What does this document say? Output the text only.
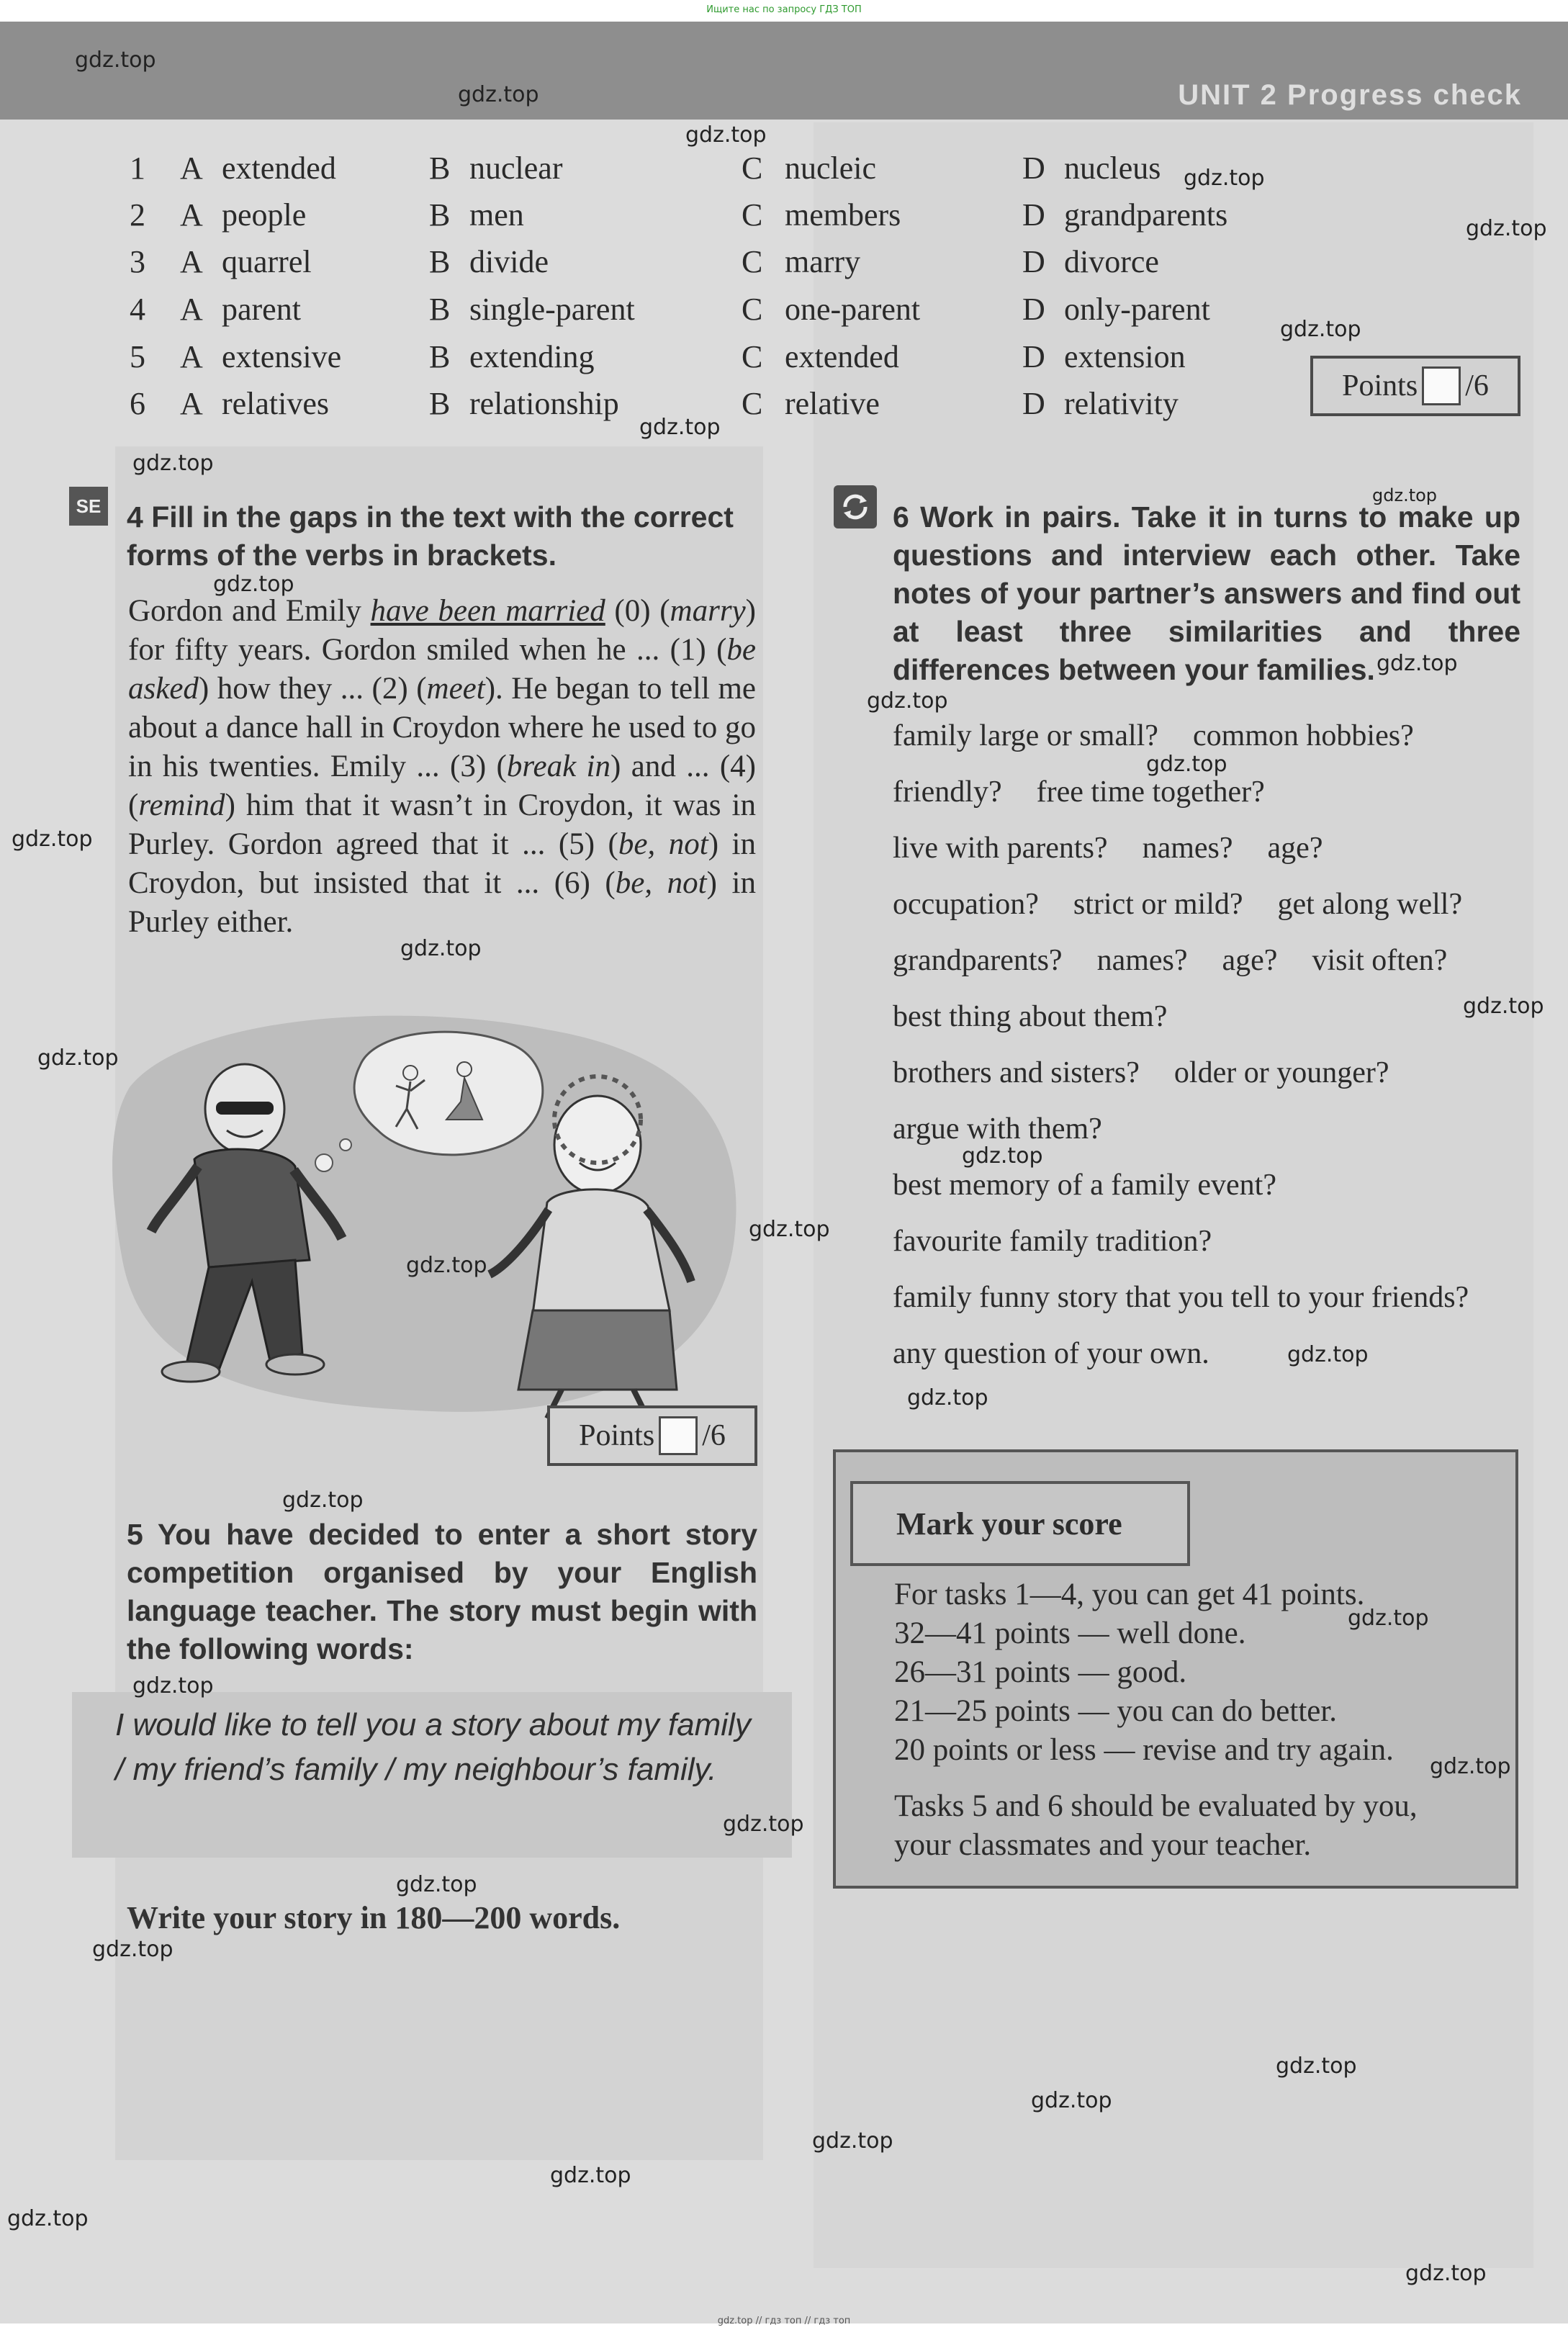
Ищите нас по запросу ГДЗ ТОП
UNIT 2 Progress check
1 A extended	B nuclear	C nucleic	D nucleus
2 A people	B men	C members	D grandparents
3 A quarrel	B divide	C marry	D divorce
4 A parent	B single-parent	C one-parent	D only-parent
5 A extensive	B extending	C extended	D extension
6 A relatives	B relationship	C relative	D relativity	Points /6
SE 4 Fill in the gaps in the text with the correct forms of the verbs in brackets.

Gordon and Emily have been married (0) (marry) for fifty years. Gordon smiled when he ... (1) (be asked) how they ... (2) (meet). He began to tell me about a dance hall in Croydon where he used to go in his twenties. Emily ... (3) (break in) and ... (4) (remind) him that it wasn’t in Croydon, it was in Purley. Gordon agreed that it ... (5) (be, not) in Croydon, but insisted that it ... (6) (be, not) in Purley either.

Points /6

5 You have decided to enter a short story competition organised by your English language teacher. The story must begin with the following words:

I would like to tell you a story about my family / my friend’s family / my neighbour’s family.

Write your story in 180—200 words.

6 Work in pairs. Take it in turns to make up questions and interview each other. Take notes of your partner’s answers and find out at least three similarities and three differences between your families.

family large or small? common hobbies?
friendly? free time together?
live with parents? names? age?
occupation? strict or mild? get along well?
grandparents? names? age? visit often?
best thing about them?
brothers and sisters? older or younger?
argue with them?
best memory of a family event?
favourite family tradition?
family funny story that you tell to your friends?
any question of your own.
Mark your score
For tasks 1—4, you can get 41 points.
32—41 points — well done.
26—31 points — good.
21—25 points — you can do better.
20 points or less — revise and try again.
Tasks 5 and 6 should be evaluated by you,
your classmates and your teacher.
gdz.top
gdz.top
gdz.top
gdz.top
gdz.top
gdz.top
gdz.top
gdz.top
gdz.top
gdz.top
gdz.top
gdz.top
gdz.top
gdz.top
gdz.top
gdz.top
gdz.top
gdz.top
gdz.top
gdz.top
gdz.top
gdz.top
gdz.top
gdz.top
gdz.top
gdz.top
gdz.top
gdz.top
gdz.top
gdz.top
gdz.top
gdz.top
gdz.top
gdz.top
gdz.top
gdz.top // гдз топ // гдз топ
